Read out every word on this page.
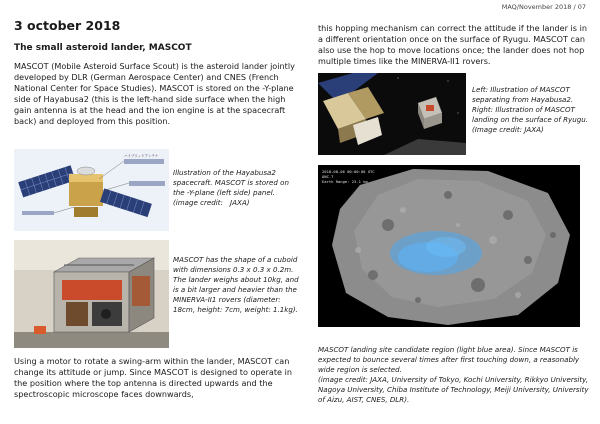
MAQ/November 2018 / 07
3 october 2018
The small asteroid lander, MASCOT
MASCOT (Mobile Asteroid Surface Scout) is the asteroid lander jointly developed by DLR (German Aerospace Center) and CNES (French National Center for Space Studies). MASCOT is stored on the -Y-plane side of Hayabusa2 (this is the left-hand side surface when the high gain antenna is at the head and the ion engine is at the spacecraft back) and deployed from this position.
ハイブリッドアンテナ
Illustration of the Hayabusa2 spacecraft. MASCOT is stored on the -Y-plane (left side) panel.　(image credit:　JAXA)
MASCOT has the shape of a cuboid with dimensions 0.3 x 0.3 x 0.2m. The lander weighs about 10kg, and is a bit larger and heavier than the MINERVA-II1 rovers (diameter: 18cm, height: 7cm, weight: 1.1kg).
Using a motor to rotate a swing-arm within the lander, MASCOT can change its attitude or jump. Since MASCOT is designed to operate in the position where the top antenna is directed upwards and the spectroscopic microscope faces downwards,
this hopping mechanism can correct the attitude if the lander is in a different orientation once on the surface of Ryugu. MASCOT can also use the hop to move locations once; the lander does not hop multiple times like the MINERVA-II1 rovers.
Left: Illustration of MASCOT separating from Hayabusa2. Right: Illustration of MASCOT landing on the surface of Ryugu. (Image credit: JAXA)
2018-08-06 00:00:00 UTC
ONC-T
Earth Range: 23.1 km
MASCOT landing site candidate region (light blue area). Since MASCOT is expected to bounce several times after first touching down, a reasonably wide region is selected.
(image credit: JAXA, University of Tokyo, Kochi University, Rikkyo University, Nagoya University, Chiba Institute of Technology, Meiji University, University of Aizu, AIST, CNES, DLR).
